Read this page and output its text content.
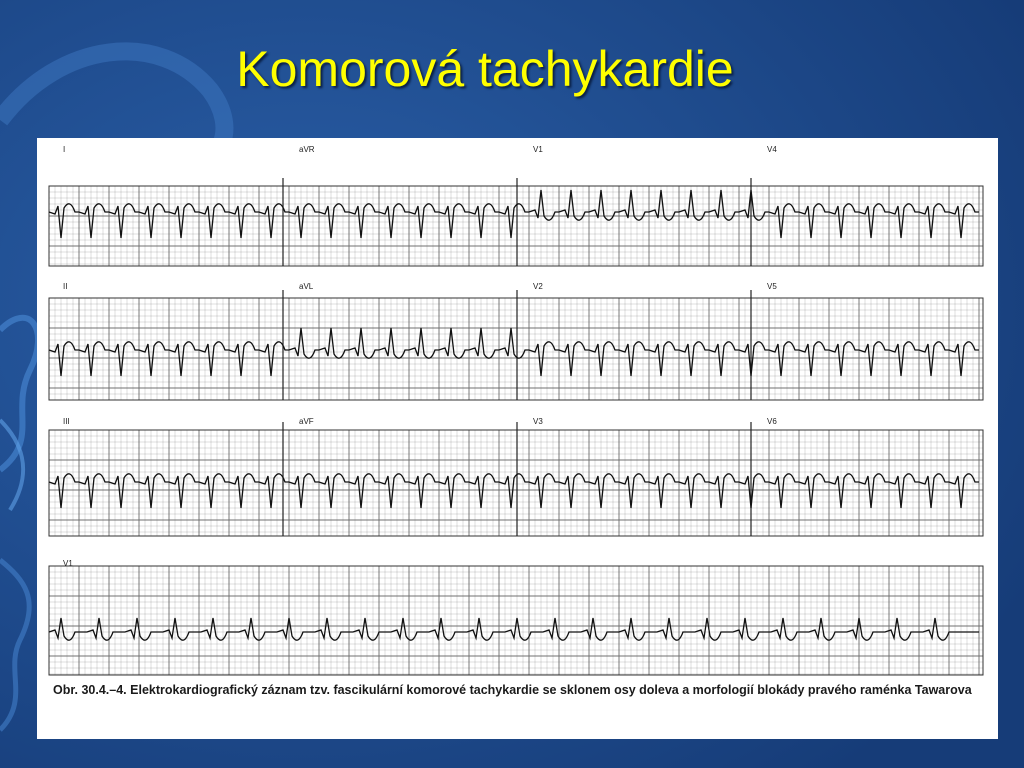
Komorová tachykardie
I	aVR	V1	V4
II	aVL	V2	V5
III	aVF	V3	V6
V1
Obr. 30.4.–4. Elektrokardiografický záznam tzv. fascikulární komorové tachykardie se sklonem osy doleva a morfologií blokády pravého raménka Tawarova
